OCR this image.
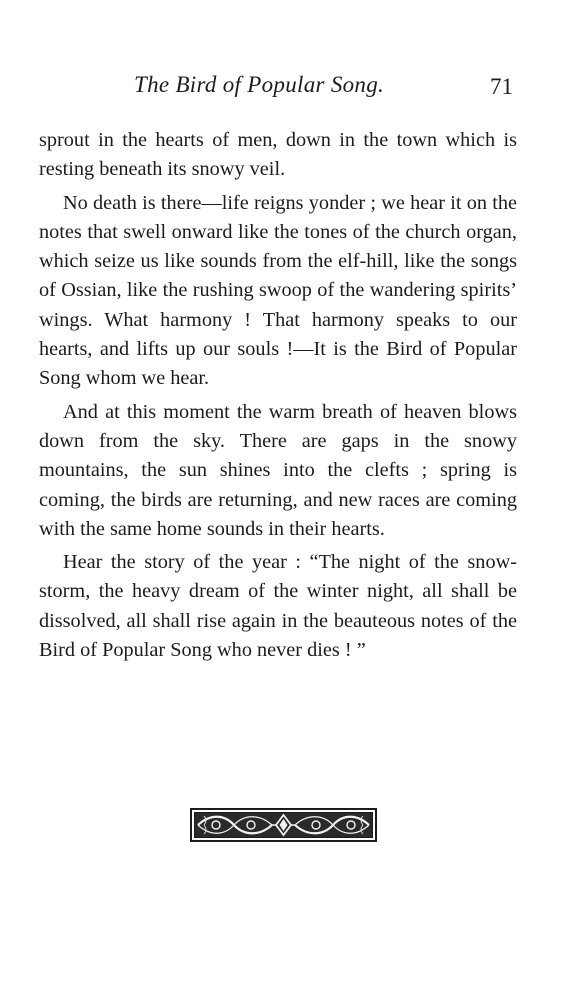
The Bird of Popular Song.	71

sprout in the hearts of men, down in the town which is resting beneath its snowy veil.

No death is there—life reigns yonder ; we hear it on the notes that swell onward like the tones of the church organ, which seize us like sounds from the elf-hill, like the songs of Ossian, like the rushing swoop of the wandering spirits’ wings. What harmony ! That harmony speaks to our hearts, and lifts up our souls !—It is the Bird of Popular Song whom we hear.

And at this moment the warm breath of heaven blows down from the sky. There are gaps in the snowy mountains, the sun shines into the clefts ; spring is coming, the birds are returning, and new races are coming with the same home sounds in their hearts.

Hear the story of the year : “The night of the snow-storm, the heavy dream of the winter night, all shall be dissolved, all shall rise again in the beauteous notes of the Bird of Popular Song who never dies ! ”
